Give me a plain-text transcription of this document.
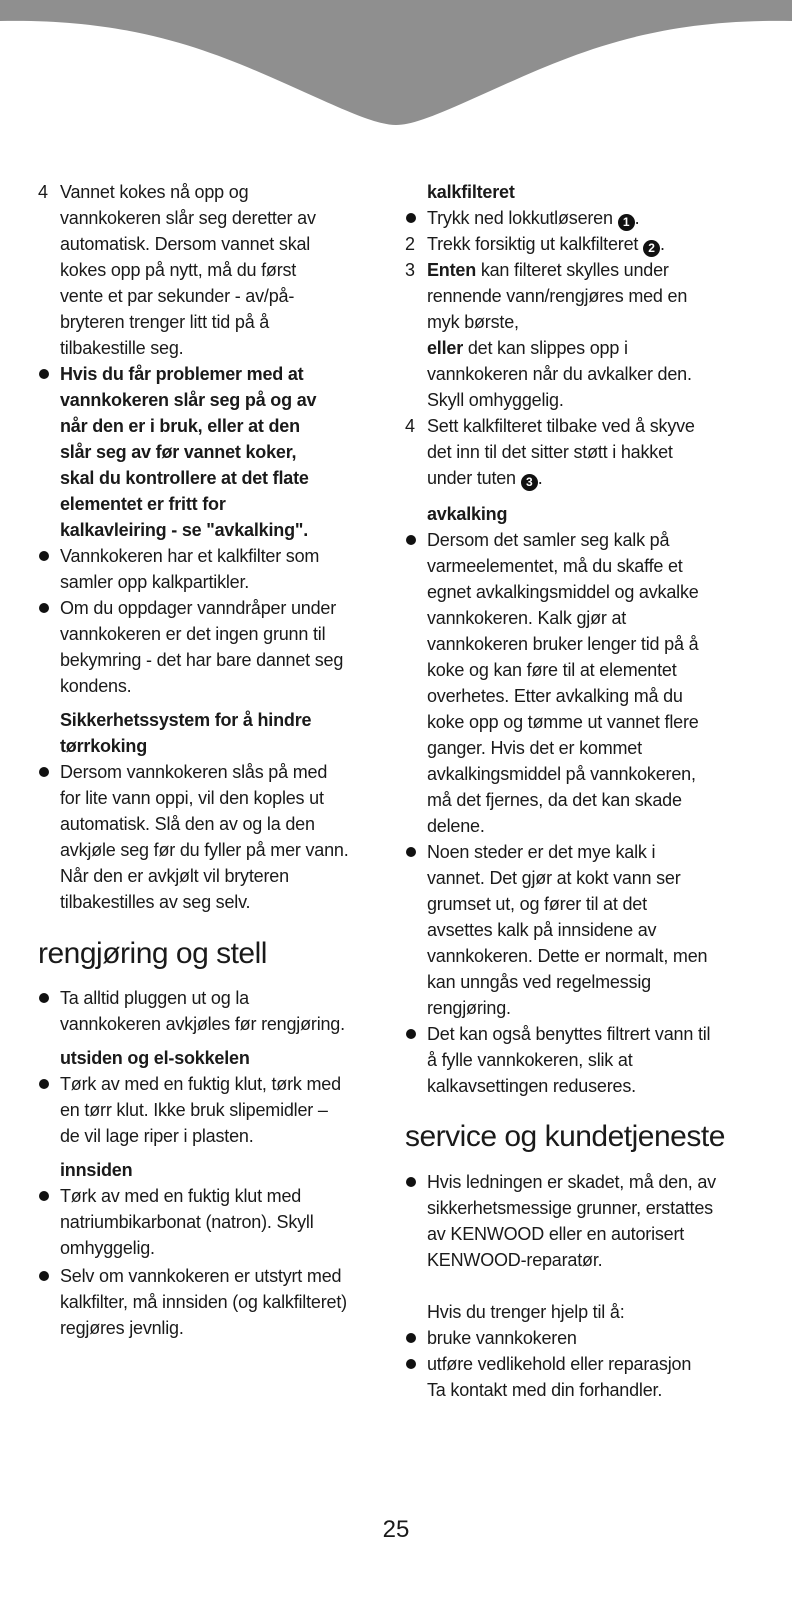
4 Vannet kokes nå opp og
vannkokeren slår seg deretter av
automatisk. Dersom vannet skal
kokes opp på nytt, må du først
vente et par sekunder - av/på-
bryteren trenger litt tid på å
tilbakestille seg.
Hvis du får problemer med at
vannkokeren slår seg på og av
når den er i bruk, eller at den
slår seg av før vannet koker,
skal du kontrollere at det flate
elementet er fritt for
kalkavleiring - se "avkalking".
Vannkokeren har et kalkfilter som
samler opp kalkpartikler.
Om du oppdager vanndråper under
vannkokeren er det ingen grunn til
bekymring - det har bare dannet seg
kondens.
Sikkerhetssystem for å hindre
tørrkoking
Dersom vannkokeren slås på med
for lite vann oppi, vil den koples ut
automatisk. Slå den av og la den
avkjøle seg før du fyller på mer vann.
Når den er avkjølt vil bryteren
tilbakestilles av seg selv.
rengjøring og stell
Ta alltid pluggen ut og la
vannkokeren avkjøles før rengjøring.
utsiden og el-sokkelen
Tørk av med en fuktig klut, tørk med
en tørr klut. Ikke bruk slipemidler –
de vil lage riper i plasten.
innsiden
Tørk av med en fuktig klut med
natriumbikarbonat (natron). Skyll
omhyggelig.
Selv om vannkokeren er utstyrt med
kalkfilter, må innsiden (og kalkfilteret)
regjøres jevnlig.
kalkfilteret
Trykk ned lokkutløseren 1 .
2 Trekk forsiktig ut kalkfilteret 2 .
3 Enten kan filteret skylles under
rennende vann/rengjøres med en
myk børste,
eller det kan slippes opp i
vannkokeren når du avkalker den.
Skyll omhyggelig.
4 Sett kalkfilteret tilbake ved å skyve
det inn til det sitter støtt i hakket
under tuten 3 .
avkalking
Dersom det samler seg kalk på
varmeelementet, må du skaffe et
egnet avkalkingsmiddel og avkalke
vannkokeren. Kalk gjør at
vannkokeren bruker lenger tid på å
koke og kan føre til at elementet
overhetes. Etter avkalking må du
koke opp og tømme ut vannet flere
ganger. Hvis det er kommet
avkalkingsmiddel på vannkokeren,
må det fjernes, da det kan skade
delene.
Noen steder er det mye kalk i
vannet. Det gjør at kokt vann ser
grumset ut, og fører til at det
avsettes kalk på innsidene av
vannkokeren. Dette er normalt, men
kan unngås ved regelmessig
rengjøring.
Det kan også benyttes filtrert vann til
å fylle vannkokeren, slik at
kalkavsettingen reduseres.
service og kundetjeneste
Hvis ledningen er skadet, må den, av
sikkerhetsmessige grunner, erstattes
av KENWOOD eller en autorisert
KENWOOD-reparatør.
Hvis du trenger hjelp til å:
bruke vannkokeren
utføre vedlikehold eller reparasjon
Ta kontakt med din forhandler.
25
